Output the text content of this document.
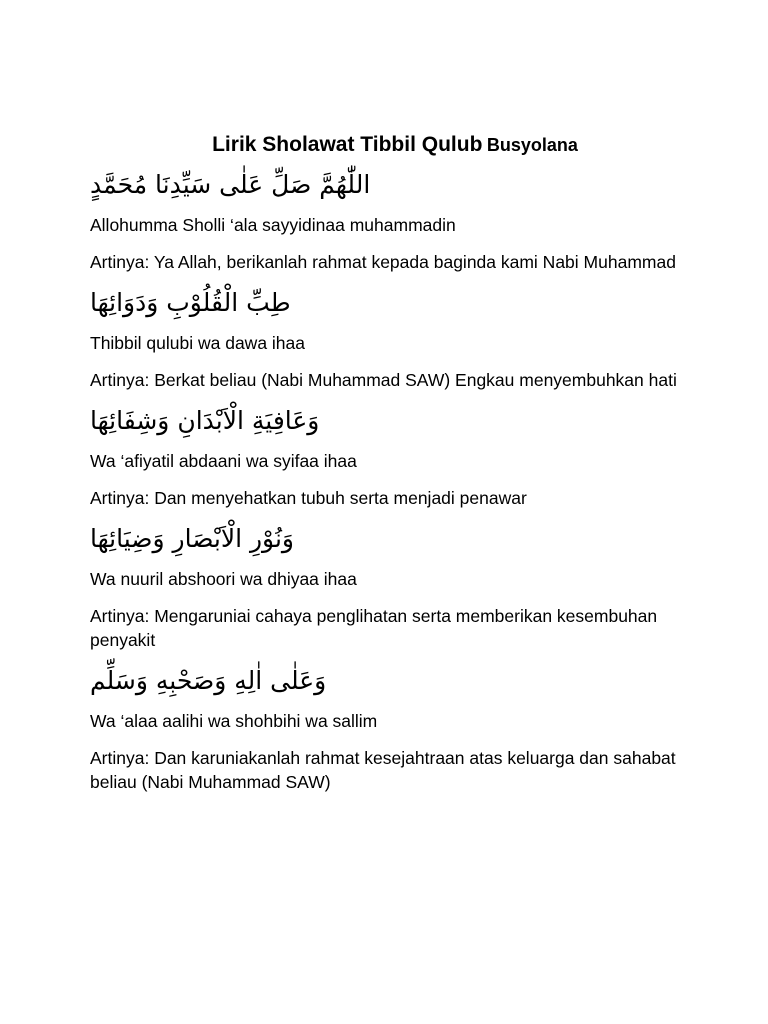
Lirik Sholawat Tibbil Qulub Busyolana
اللّٰهُمَّ صَلِّ عَلٰى سَيِّدِنَا مُحَمَّدٍ
Allohumma Sholli ‘ala sayyidinaa muhammadin
Artinya: Ya Allah, berikanlah rahmat kepada baginda kami Nabi Muhammad
طِبِّ الْقُلُوْبِ وَدَوَائِهَا
Thibbil qulubi wa dawa ihaa
Artinya: Berkat beliau (Nabi Muhammad SAW) Engkau menyembuhkan hati
وَعَافِيَةِ الْاَبْدَانِ وَشِفَائِهَا
Wa ‘afiyatil abdaani wa syifaa ihaa
Artinya: Dan menyehatkan tubuh serta menjadi penawar
وَنُوْرِ الْاَبْصَارِ وَضِيَائِهَا
Wa nuuril abshoori wa dhiyaa ihaa
Artinya: Mengaruniai cahaya penglihatan serta memberikan kesembuhan penyakit
وَعَلٰى اٰلِهِ وَصَحْبِهِ وَسَلِّم
Wa ‘alaa aalihi wa shohbihi wa sallim
Artinya: Dan karuniakanlah rahmat kesejahtraan atas keluarga dan sahabat beliau (Nabi Muhammad SAW)
